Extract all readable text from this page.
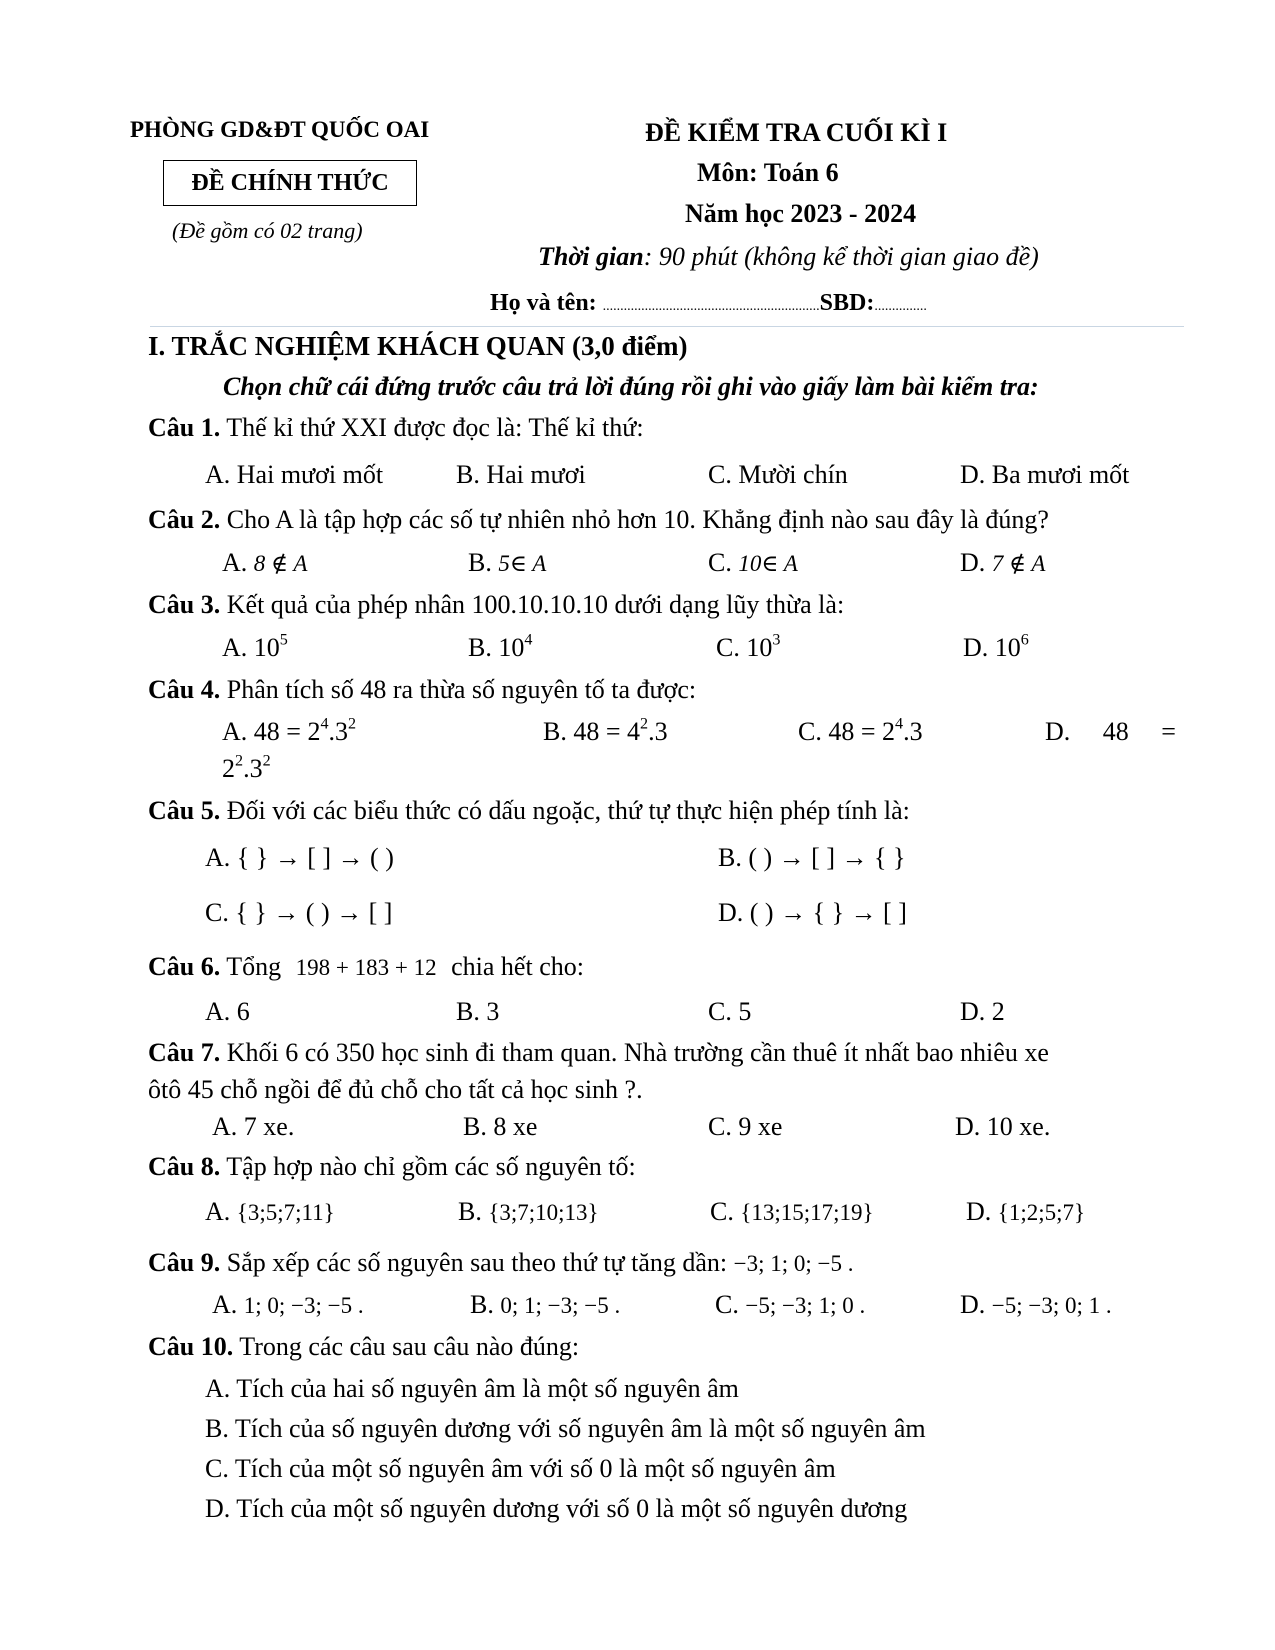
PHÒNG GD&ĐT QUỐC OAI
ĐỀ CHÍNH THỨC
(Đề gồm có 02 trang)
ĐỀ KIỂM TRA CUỐI KÌ I
Môn: Toán 6
Năm học 2023 - 2024
Thời gian: 90 phút (không kể thời gian giao đề)
Họ và tên: ..............................................................SBD:...............
I. TRẮC NGHIỆM KHÁCH QUAN (3,0 điểm)
Chọn chữ cái đứng trước câu trả lời đúng rồi ghi vào giấy làm bài kiểm tra:
Câu 1. Thế kỉ thứ XXI được đọc là: Thế kỉ thứ:
A. Hai mươi mốt	B. Hai mươi	C. Mười chín	D. Ba mươi mốt
Câu 2. Cho A là tập hợp các số tự nhiên nhỏ hơn 10. Khẳng định nào sau đây là đúng?
A. 8 ∉ A	B. 5∈ A	C. 10∈ A	D. 7 ∉ A
Câu 3. Kết quả của phép nhân 100.10.10.10 dưới dạng lũy thừa là:
A. $10^5$	B. $10^4$	C. $10^3$	D. $10^6$
Câu 4. Phân tích số 48 ra thừa số nguyên tố ta được:
A. $48 = 2^4.3^2$	B. $48 = 4^2.3$	C. $48 = 2^4.3$	D.     48     =
$2^2.3^2$
Câu 5. Đối với các biểu thức có dấu ngoặc, thứ tự thực hiện phép tính là:
A. { } → [ ] → ( )	B. ( ) → [ ] → { }
C. { } → ( ) → [ ]	D. ( ) → { } → [ ]
Câu 6. Tổng 198 + 183 + 12 chia hết cho:
A. 6	B. 3	C. 5	D. 2
Câu 7. Khối 6 có 350 học sinh đi tham quan. Nhà trường cần thuê ít nhất bao nhiêu xe
ôtô 45 chỗ ngồi để đủ chỗ cho tất cả học sinh ?.
A. 7 xe.	B. 8 xe	C. 9 xe	D. 10 xe.
Câu 8. Tập hợp nào chỉ gồm các số nguyên tố:
A. {3;5;7;11}	B. {3;7;10;13}	C. {13;15;17;19}	D. {1;2;5;7}
Câu 9. Sắp xếp các số nguyên sau theo thứ tự tăng dần: −3; 1; 0; −5 .
A. 1; 0; −3; −5 .	B. 0; 1; −3; −5 .	C. −5; −3; 1; 0 .	D. −5; −3; 0; 1 .
Câu 10. Trong các câu sau câu nào đúng:
A. Tích của hai số nguyên âm là một số nguyên âm
B. Tích của số nguyên dương với số nguyên âm là một số nguyên âm
C. Tích của một số nguyên âm với số 0 là một số nguyên âm
D. Tích của một số nguyên dương với số 0 là một số nguyên dương
